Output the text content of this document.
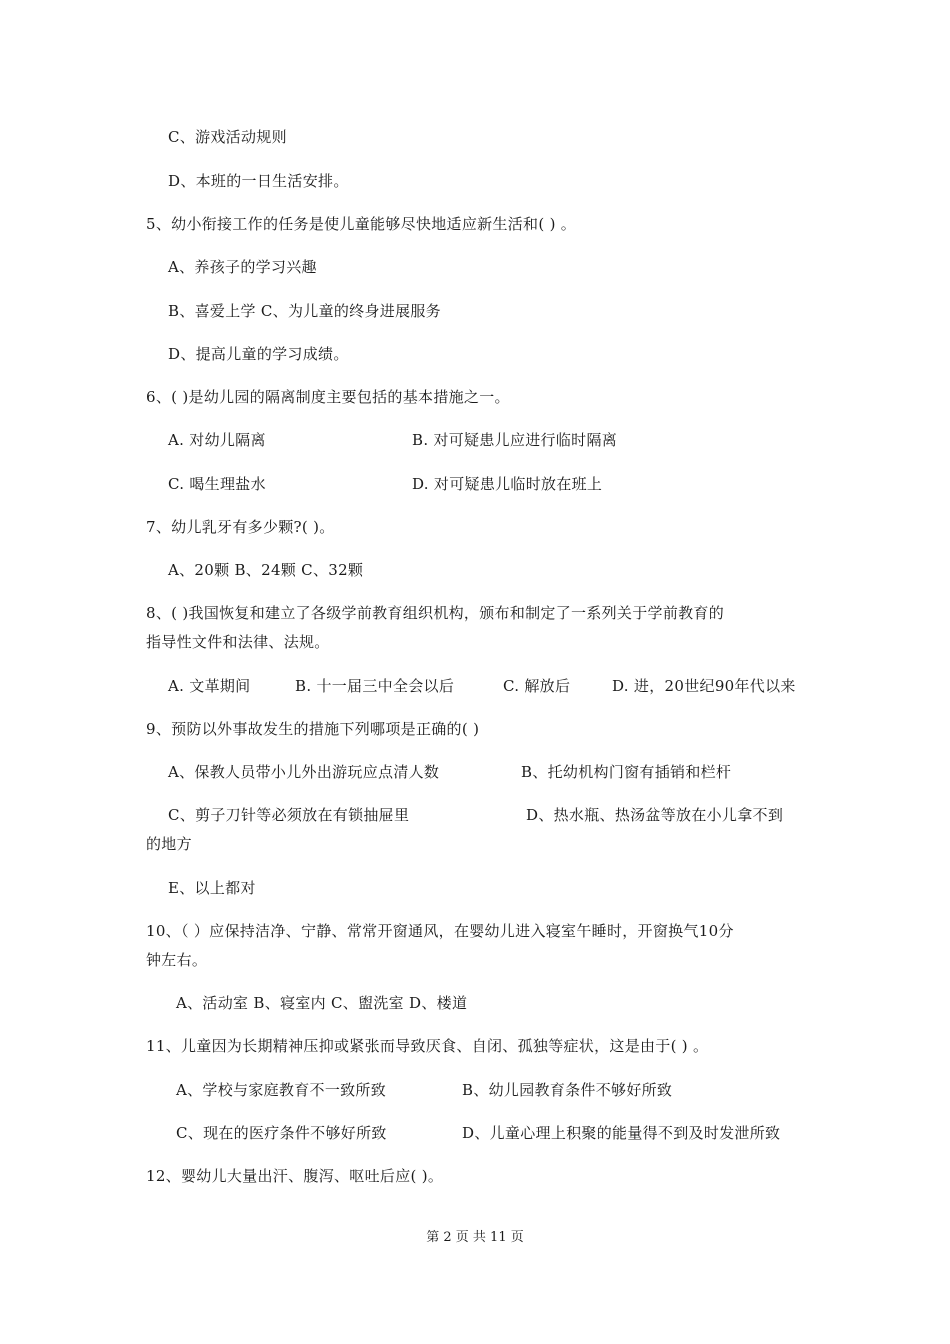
C、游戏活动规则
D、本班的一日生活安排。
5、幼小衔接工作的任务是使儿童能够尽快地适应新生活和( ) 。
A、养孩子的学习兴趣
B、喜爱上学 C、为儿童的终身进展服务
D、提高儿童的学习成绩。
6、( )是幼儿园的隔离制度主要包括的基本措施之一。
A. 对幼儿隔离	B. 对可疑患儿应进行临时隔离
C. 喝生理盐水	D. 对可疑患儿临时放在班上
7、幼儿乳牙有多少颗?( )。
A、20颗 B、24颗 C、32颗
8、( )我国恢复和建立了各级学前教育组织机构，颁布和制定了一系列关于学前教育的
指导性文件和法律、法规。
A. 文革期间	B. 十一届三中全会以后	C. 解放后	D. 进，20世纪90年代以来
9、预防以外事故发生的措施下列哪项是正确的( )
A、保教人员带小儿外出游玩应点清人数	B、托幼机构门窗有插销和栏杆
C、剪子刀针等必须放在有锁抽屉里	D、热水瓶、热汤盆等放在小儿拿不到
的地方
E、以上都对
10、（ ）应保持洁净、宁静、常常开窗通风，在婴幼儿进入寝室午睡时，开窗换气10分
钟左右。
A、活动室 B、寝室内 C、盥洗室 D、楼道
11、儿童因为长期精神压抑或紧张而导致厌食、自闭、孤独等症状，这是由于( ) 。
A、学校与家庭教育不一致所致	B、幼儿园教育条件不够好所致
C、现在的医疗条件不够好所致	D、儿童心理上积聚的能量得不到及时发泄所致
12、婴幼儿大量出汗、腹泻、呕吐后应( )。
第 2 页 共 11 页
